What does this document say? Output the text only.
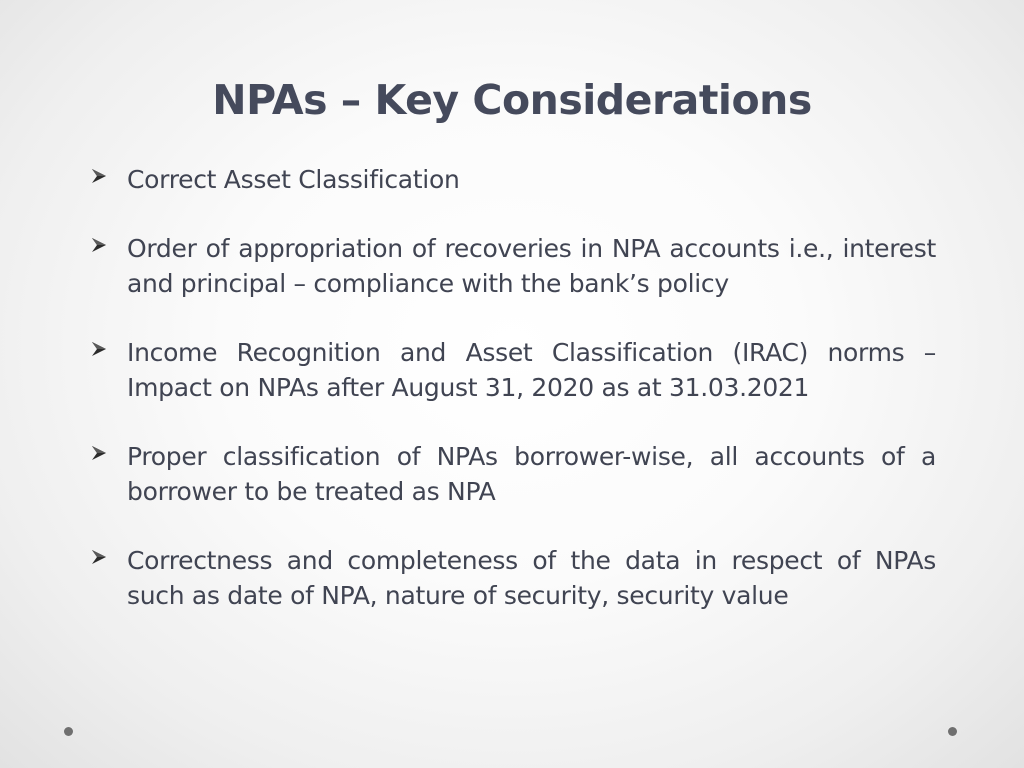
NPAs – Key Considerations
Correct Asset Classification
Order of appropriation of recoveries in NPA accounts i.e., interest and principal – compliance with the bank’s policy
Income Recognition and Asset Classification (IRAC) norms – Impact on NPAs after August 31, 2020 as at 31.03.2021
Proper classification of NPAs borrower-wise, all accounts of a borrower to be treated as NPA
Correctness and completeness of the data in respect of NPAs such as date of NPA, nature of security, security value
